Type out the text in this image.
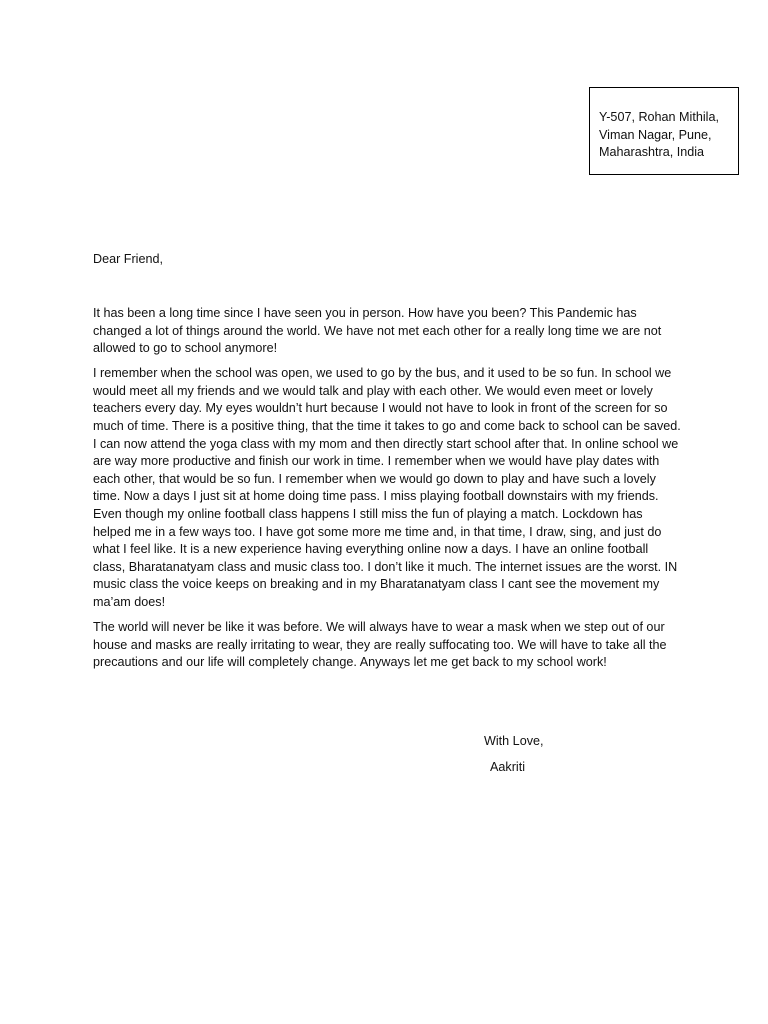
Y-507, Rohan Mithila,
Viman Nagar, Pune,
Maharashtra, India
Dear Friend,

It has been a long time since I have seen you in person. How have you been? This Pandemic has changed a lot of things around the world. We have not met each other for a really long time we are not allowed to go to school anymore!

I remember when the school was open, we used to go by the bus, and it used to be so fun. In school we would meet all my friends and we would talk and play with each other. We would even meet or lovely teachers every day. My eyes wouldn’t hurt because I would not have to look in front of the screen for so much of time. There is a positive thing, that the time it takes to go and come back to school can be saved. I can now attend the yoga class with my mom and then directly start school after that. In online school we are way more productive and finish our work in time. I remember when we would have play dates with each other, that would be so fun. I remember when we would go down to play and have such a lovely time. Now a days I just sit at home doing time pass. I miss playing football downstairs with my friends. Even though my online football class happens I still miss the fun of playing a match. Lockdown has helped me in a few ways too. I have got some more me time and, in that time, I draw, sing, and just do what I feel like. It is a new experience having everything online now a days. I have an online football class, Bharatanatyam class and music class too. I don’t like it much. The internet issues are the worst. IN music class the voice keeps on breaking and in my Bharatanatyam class I cant see the movement my ma’am does!

The world will never be like it was before. We will always have to wear a mask when we step out of our house and masks are really irritating to wear, they are really suffocating too. We will have to take all the precautions and our life will completely change. Anyways let me get back to my school work!

With Love,
Aakriti
